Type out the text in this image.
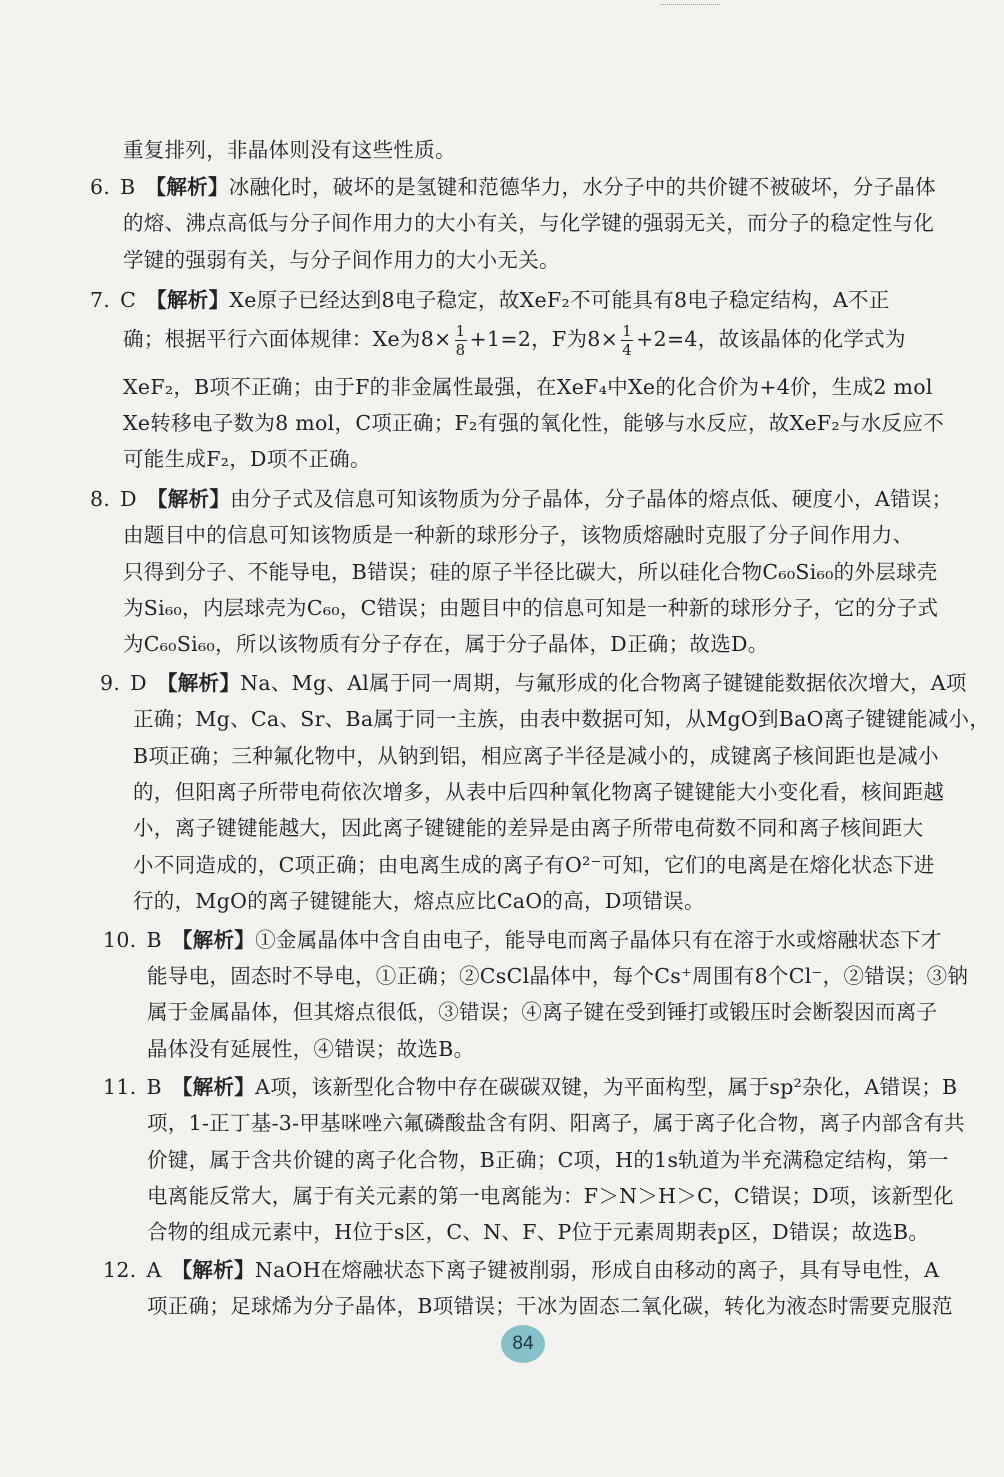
重复排列，非晶体则没有这些性质。
6. B 【解析】冰融化时，破坏的是氢键和范德华力，水分子中的共价键不被破坏，分子晶体
的熔、沸点高低与分子间作用力的大小有关，与化学键的强弱无关，而分子的稳定性与化
学键的强弱有关，与分子间作用力的大小无关。
7. C 【解析】Xe原子已经达到8电子稳定，故XeF₂不可能具有8电子稳定结构，A不正
确；根据平行六面体规律：Xe为$8\times \frac{1}{8} +1=2$，F为$8\times \frac{1}{4} +2=4$，故该晶体的化学式为
XeF₂，B项不正确；由于F的非金属性最强，在XeF₄中Xe的化合价为+4价，生成2 mol
Xe转移电子数为8 mol，C项正确；F₂有强的氧化性，能够与水反应，故XeF₂与水反应不
可能生成F₂，D项不正确。
8. D 【解析】由分子式及信息可知该物质为分子晶体，分子晶体的熔点低、硬度小，A错误；
由题目中的信息可知该物质是一种新的球形分子，该物质熔融时克服了分子间作用力、
只得到分子、不能导电，B错误；硅的原子半径比碳大，所以硅化合物C₆₀Si₆₀的外层球壳
为Si₆₀，内层球壳为C₆₀，C错误；由题目中的信息可知是一种新的球形分子，它的分子式
为C₆₀Si₆₀，所以该物质有分子存在，属于分子晶体，D正确；故选D。
9. D 【解析】Na、Mg、Al属于同一周期，与氟形成的化合物离子键键能数据依次增大，A项
正确；Mg、Ca、Sr、Ba属于同一主族，由表中数据可知，从MgO到BaO离子键键能减小，
B项正确；三种氟化物中，从钠到铝，相应离子半径是减小的，成键离子核间距也是减小
的，但阳离子所带电荷依次增多，从表中后四种氧化物离子键键能大小变化看，核间距越
小，离子键键能越大，因此离子键键能的差异是由离子所带电荷数不同和离子核间距大
小不同造成的，C项正确；由电离生成的离子有O²⁻可知，它们的电离是在熔化状态下进
行的，MgO的离子键键能大，熔点应比CaO的高，D项错误。
10. B 【解析】①金属晶体中含自由电子，能导电而离子晶体只有在溶于水或熔融状态下才
能导电，固态时不导电，①正确；②CsCl晶体中，每个Cs⁺周围有8个Cl⁻，②错误；③钠
属于金属晶体，但其熔点很低，③错误；④离子键在受到锤打或锻压时会断裂因而离子
晶体没有延展性，④错误；故选B。
11. B 【解析】A项，该新型化合物中存在碳碳双键，为平面构型，属于sp²杂化，A错误；B
项，1-正丁基-3-甲基咪唑六氟磷酸盐含有阴、阳离子，属于离子化合物，离子内部含有共
价键，属于含共价键的离子化合物，B正确；C项，H的1s轨道为半充满稳定结构，第一
电离能反常大，属于有关元素的第一电离能为：F＞N＞H＞C，C错误；D项，该新型化
合物的组成元素中，H位于s区，C、N、F、P位于元素周期表p区，D错误；故选B。
12. A 【解析】NaOH在熔融状态下离子键被削弱，形成自由移动的离子，具有导电性，A
项正确；足球烯为分子晶体，B项错误；干冰为固态二氧化碳，转化为液态时需要克服范
84
